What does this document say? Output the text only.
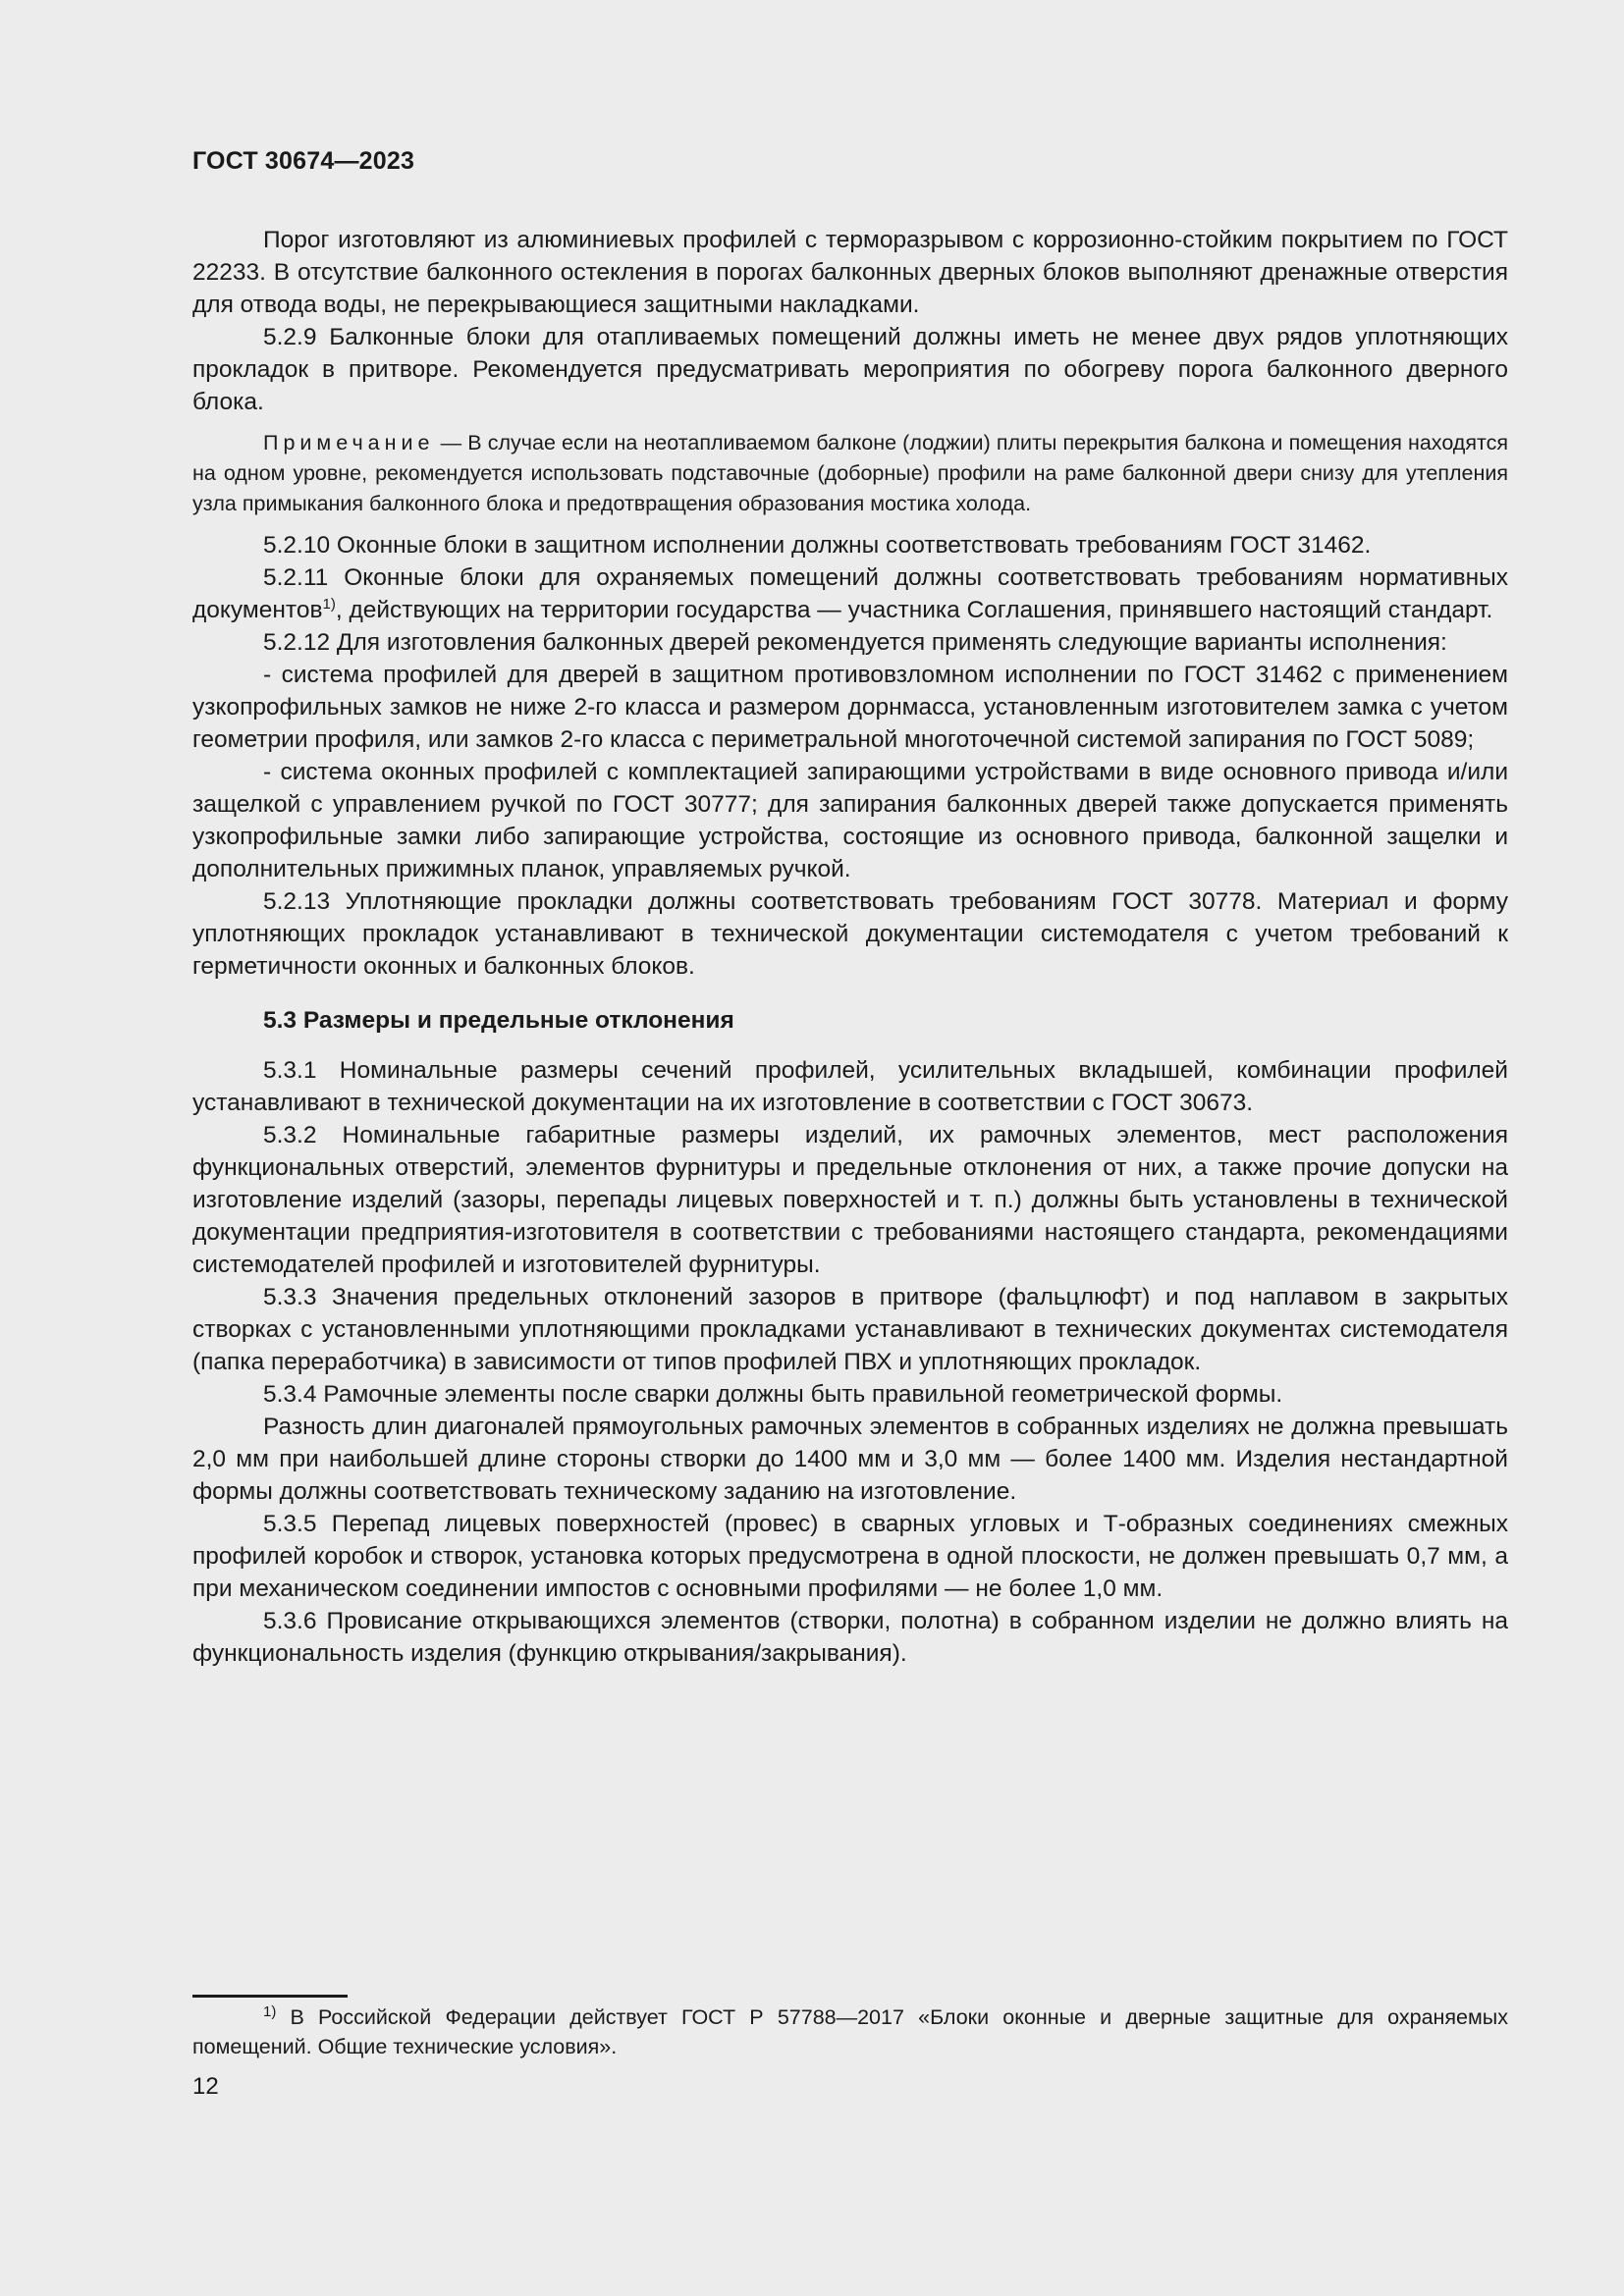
ГОСТ 30674—2023

Порог изготовляют из алюминиевых профилей с терморазрывом с коррозионно-стойким покрытием по ГОСТ 22233. В отсутствие балконного остекления в порогах балконных дверных блоков выполняют дренажные отверстия для отвода воды, не перекрывающиеся защитными накладками.

5.2.9 Балконные блоки для отапливаемых помещений должны иметь не менее двух рядов уплотняющих прокладок в притворе. Рекомендуется предусматривать мероприятия по обогреву порога балконного дверного блока.

Примечание — В случае если на неотапливаемом балконе (лоджии) плиты перекрытия балкона и помещения находятся на одном уровне, рекомендуется использовать подставочные (доборные) профили на раме балконной двери снизу для утепления узла примыкания балконного блока и предотвращения образования мостика холода.

5.2.10 Оконные блоки в защитном исполнении должны соответствовать требованиям ГОСТ 31462.

5.2.11 Оконные блоки для охраняемых помещений должны соответствовать требованиям нормативных документов$^{1)}$, действующих на территории государства — участника Соглашения, принявшего настоящий стандарт.

5.2.12 Для изготовления балконных дверей рекомендуется применять следующие варианты исполнения:

- система профилей для дверей в защитном противовзломном исполнении по ГОСТ 31462 с применением узкопрофильных замков не ниже 2-го класса и размером дорнмасса, установленным изготовителем замка с учетом геометрии профиля, или замков 2-го класса с периметральной многоточечной системой запирания по ГОСТ 5089;

- система оконных профилей с комплектацией запирающими устройствами в виде основного привода и/или защелкой с управлением ручкой по ГОСТ 30777; для запирания балконных дверей также допускается применять узкопрофильные замки либо запирающие устройства, состоящие из основного привода, балконной защелки и дополнительных прижимных планок, управляемых ручкой.

5.2.13 Уплотняющие прокладки должны соответствовать требованиям ГОСТ 30778. Материал и форму уплотняющих прокладок устанавливают в технической документации системодателя с учетом требований к герметичности оконных и балконных блоков.

5.3 Размеры и предельные отклонения

5.3.1 Номинальные размеры сечений профилей, усилительных вкладышей, комбинации профилей устанавливают в технической документации на их изготовление в соответствии с ГОСТ 30673.

5.3.2 Номинальные габаритные размеры изделий, их рамочных элементов, мест расположения функциональных отверстий, элементов фурнитуры и предельные отклонения от них, а также прочие допуски на изготовление изделий (зазоры, перепады лицевых поверхностей и т. п.) должны быть установлены в технической документации предприятия-изготовителя в соответствии с требованиями настоящего стандарта, рекомендациями системодателей профилей и изготовителей фурнитуры.

5.3.3 Значения предельных отклонений зазоров в притворе (фальцлюфт) и под наплавом в закрытых створках с установленными уплотняющими прокладками устанавливают в технических документах системодателя (папка переработчика) в зависимости от типов профилей ПВХ и уплотняющих прокладок.

5.3.4 Рамочные элементы после сварки должны быть правильной геометрической формы.

Разность длин диагоналей прямоугольных рамочных элементов в собранных изделиях не должна превышать 2,0 мм при наибольшей длине стороны створки до 1400 мм и 3,0 мм — более 1400 мм. Изделия нестандартной формы должны соответствовать техническому заданию на изготовление.

5.3.5 Перепад лицевых поверхностей (провес) в сварных угловых и Т-образных соединениях смежных профилей коробок и створок, установка которых предусмотрена в одной плоскости, не должен превышать 0,7 мм, а при механическом соединении импостов с основными профилями — не более 1,0 мм.

5.3.6 Провисание открывающихся элементов (створки, полотна) в собранном изделии не должно влиять на функциональность изделия (функцию открывания/закрывания).

$^{1)}$ В Российской Федерации действует ГОСТ Р 57788—2017 «Блоки оконные и дверные защитные для охраняемых помещений. Общие технические условия».

12
